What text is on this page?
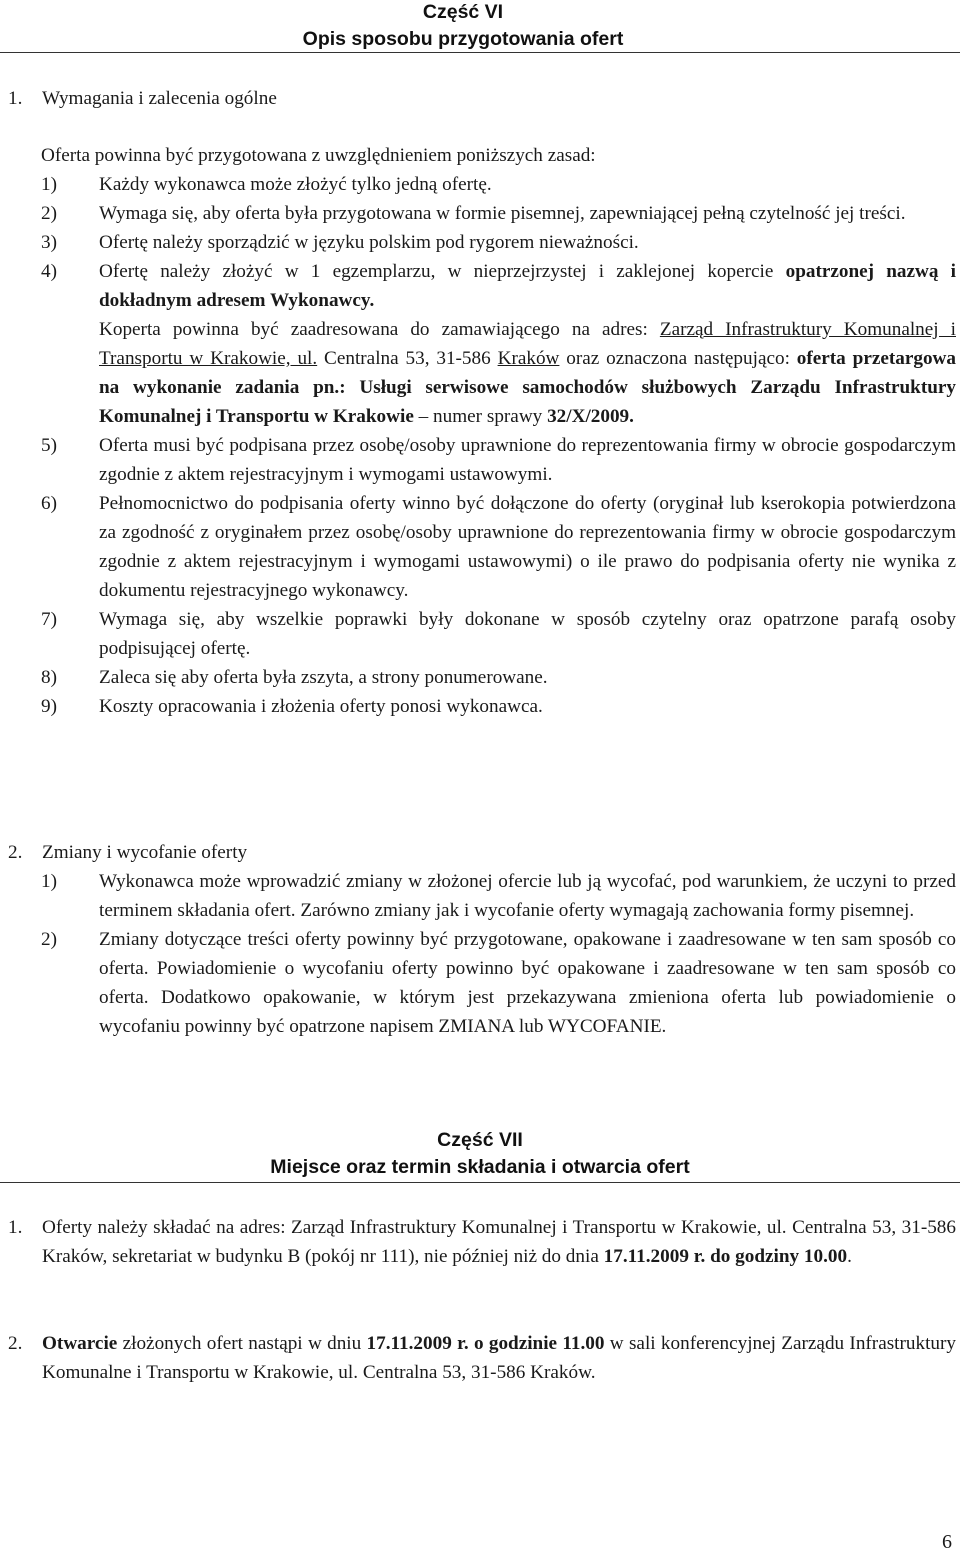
Część VI
Opis sposobu przygotowania ofert
1.	Wymagania i zalecenia ogólne

Oferta powinna być przygotowana z uwzględnieniem poniższych zasad:

1)	Każdy wykonawca może złożyć tylko jedną ofertę.
2)	Wymaga się, aby oferta była przygotowana w formie pisemnej, zapewniającej pełną czytelność jej treści.
3)	Ofertę należy sporządzić w języku polskim pod rygorem nieważności.
4)	Ofertę należy złożyć w 1 egzemplarzu, w nieprzejrzystej i zaklejonej kopercie opatrzonej nazwą i dokładnym adresem Wykonawcy.
Koperta powinna być zaadresowana do zamawiającego na adres: Zarząd Infrastruktury Komunalnej i Transportu w Krakowie, ul. Centralna 53, 31-586 Kraków oraz oznaczona następująco: oferta przetargowa na wykonanie zadania pn.: Usługi serwisowe samochodów służbowych Zarządu Infrastruktury Komunalnej i Transportu w Krakowie – numer sprawy 32/X/2009.
5)	Oferta musi być podpisana przez osobę/osoby uprawnione do reprezentowania firmy w obrocie gospodarczym zgodnie z aktem rejestracyjnym i wymogami ustawowymi.
6)	Pełnomocnictwo do podpisania oferty winno być dołączone do oferty (oryginał lub kserokopia potwierdzona za zgodność z oryginałem przez osobę/osoby uprawnione do reprezentowania firmy w obrocie gospodarczym zgodnie z aktem rejestracyjnym i wymogami ustawowymi) o ile prawo do podpisania oferty nie wynika z dokumentu rejestracyjnego wykonawcy.
7)	Wymaga się, aby wszelkie poprawki były dokonane w sposób czytelny oraz opatrzone parafą osoby podpisującej ofertę.
8)	Zaleca się aby oferta była zszyta, a strony ponumerowane.
9)	Koszty opracowania i złożenia oferty ponosi wykonawca.
2.	Zmiany i wycofanie oferty
1)	Wykonawca może wprowadzić zmiany w złożonej ofercie lub ją wycofać, pod warunkiem, że uczyni to przed terminem składania ofert. Zarówno zmiany jak i wycofanie oferty wymagają zachowania formy pisemnej.
2)	Zmiany dotyczące treści oferty powinny być przygotowane, opakowane i zaadresowane w ten sam sposób co oferta. Powiadomienie o wycofaniu oferty powinno być opakowane i zaadresowane w ten sam sposób co oferta. Dodatkowo opakowanie, w którym jest przekazywana zmieniona oferta lub powiadomienie o wycofaniu powinny być opatrzone napisem ZMIANA lub WYCOFANIE.
Część VII
Miejsce oraz termin składania i otwarcia ofert
1.	Oferty należy składać na adres: Zarząd Infrastruktury Komunalnej i Transportu w Krakowie, ul. Centralna 53, 31-586 Kraków, sekretariat w budynku B (pokój nr 111), nie później niż do dnia 17.11.2009 r. do godziny 10.00.
2.	Otwarcie złożonych ofert nastąpi w dniu 17.11.2009 r. o godzinie 11.00 w sali konferencyjnej Zarządu Infrastruktury Komunalne i Transportu w Krakowie, ul. Centralna 53, 31-586 Kraków.
6
